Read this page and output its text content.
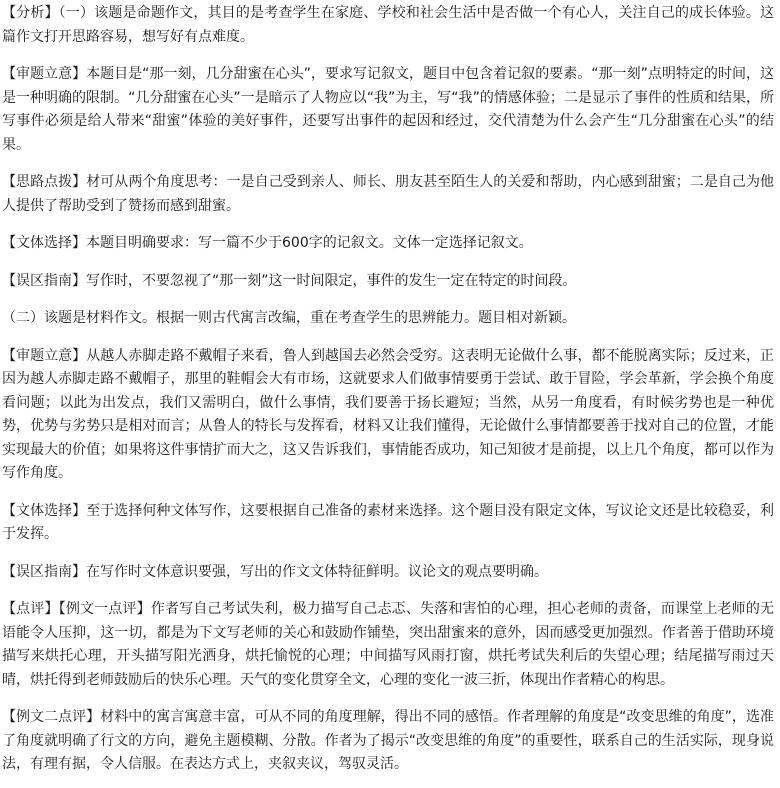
【分析】（一）该题是命题作文，其目的是考查学生在家庭、学校和社会生活中是否做一个有心人，关注自己的成长体验。这篇作文打开思路容易，想写好有点难度。

【审题立意】本题目是“那一刻，几分甜蜜在心头”，要求写记叙文，题目中包含着记叙的要素。“那一刻”点明特定的时间，这是一种明确的限制。“几分甜蜜在心头”一是暗示了人物应以“我”为主，写“我”的情感体验；二是显示了事件的性质和结果，所写事件必须是给人带来“甜蜜”体验的美好事件，还要写出事件的起因和经过，交代清楚为什么会产生“几分甜蜜在心头”的结果。

【思路点拨】材可从两个角度思考：一是自己受到亲人、师长、朋友甚至陌生人的关爱和帮助，内心感到甜蜜；二是自己为他人提供了帮助受到了赞扬而感到甜蜜。

【文体选择】本题目明确要求：写一篇不少于600字的记叙文。文体一定选择记叙文。

【误区指南】写作时，不要忽视了“那一刻”这一时间限定，事件的发生一定在特定的时间段。

（二）该题是材料作文。根据一则古代寓言改编，重在考查学生的思辨能力。题目相对新颖。

【审题立意】从越人赤脚走路不戴帽子来看，鲁人到越国去必然会受穷。这表明无论做什么事，都不能脱离实际；反过来，正因为越人赤脚走路不戴帽子，那里的鞋帽会大有市场，这就要求人们做事情要勇于尝试、敢于冒险，学会革新，学会换个角度看问题；以此为出发点，我们又需明白，做什么事情，我们要善于扬长避短；当然，从另一角度看，有时候劣势也是一种优势，优势与劣势只是相对而言；从鲁人的特长与发挥看，材料又让我们懂得，无论做什么事情都要善于找对自己的位置，才能实现最大的价值；如果将这件事情扩而大之，这又告诉我们，事情能否成功，知己知彼才是前提，以上几个角度，都可以作为写作角度。

【文体选择】至于选择何种文体写作，这要根据自己准备的素材来选择。这个题目没有限定文体，写议论文还是比较稳妥，利于发挥。

【误区指南】在写作时文体意识要强，写出的作文文体特征鲜明。议论文的观点要明确。

【点评】【例文一点评】作者写自己考试失利，极力描写自己忐忑、失落和害怕的心理，担心老师的责备，而课堂上老师的无语能令人压抑，这一切，都是为下文写老师的关心和鼓励作铺垫，突出甜蜜来的意外，因而感受更加强烈。作者善于借助环境描写来烘托心理，开头描写阳光洒身，烘托愉悦的心理；中间描写风雨打窗，烘托考试失利后的失望心理；结尾描写雨过天晴，烘托得到老师鼓励后的快乐心理。天气的变化贯穿全文，心理的变化一波三折，体现出作者精心的构思。

【例文二点评】材料中的寓言寓意丰富，可从不同的角度理解，得出不同的感悟。作者理解的角度是“改变思维的角度”，选准了角度就明确了行文的方向，避免主题模糊、分散。作者为了揭示“改变思维的角度”的重要性，联系自己的生活实际，现身说法，有理有据，令人信服。在表达方式上，夹叙夹议，驾驭灵活。
